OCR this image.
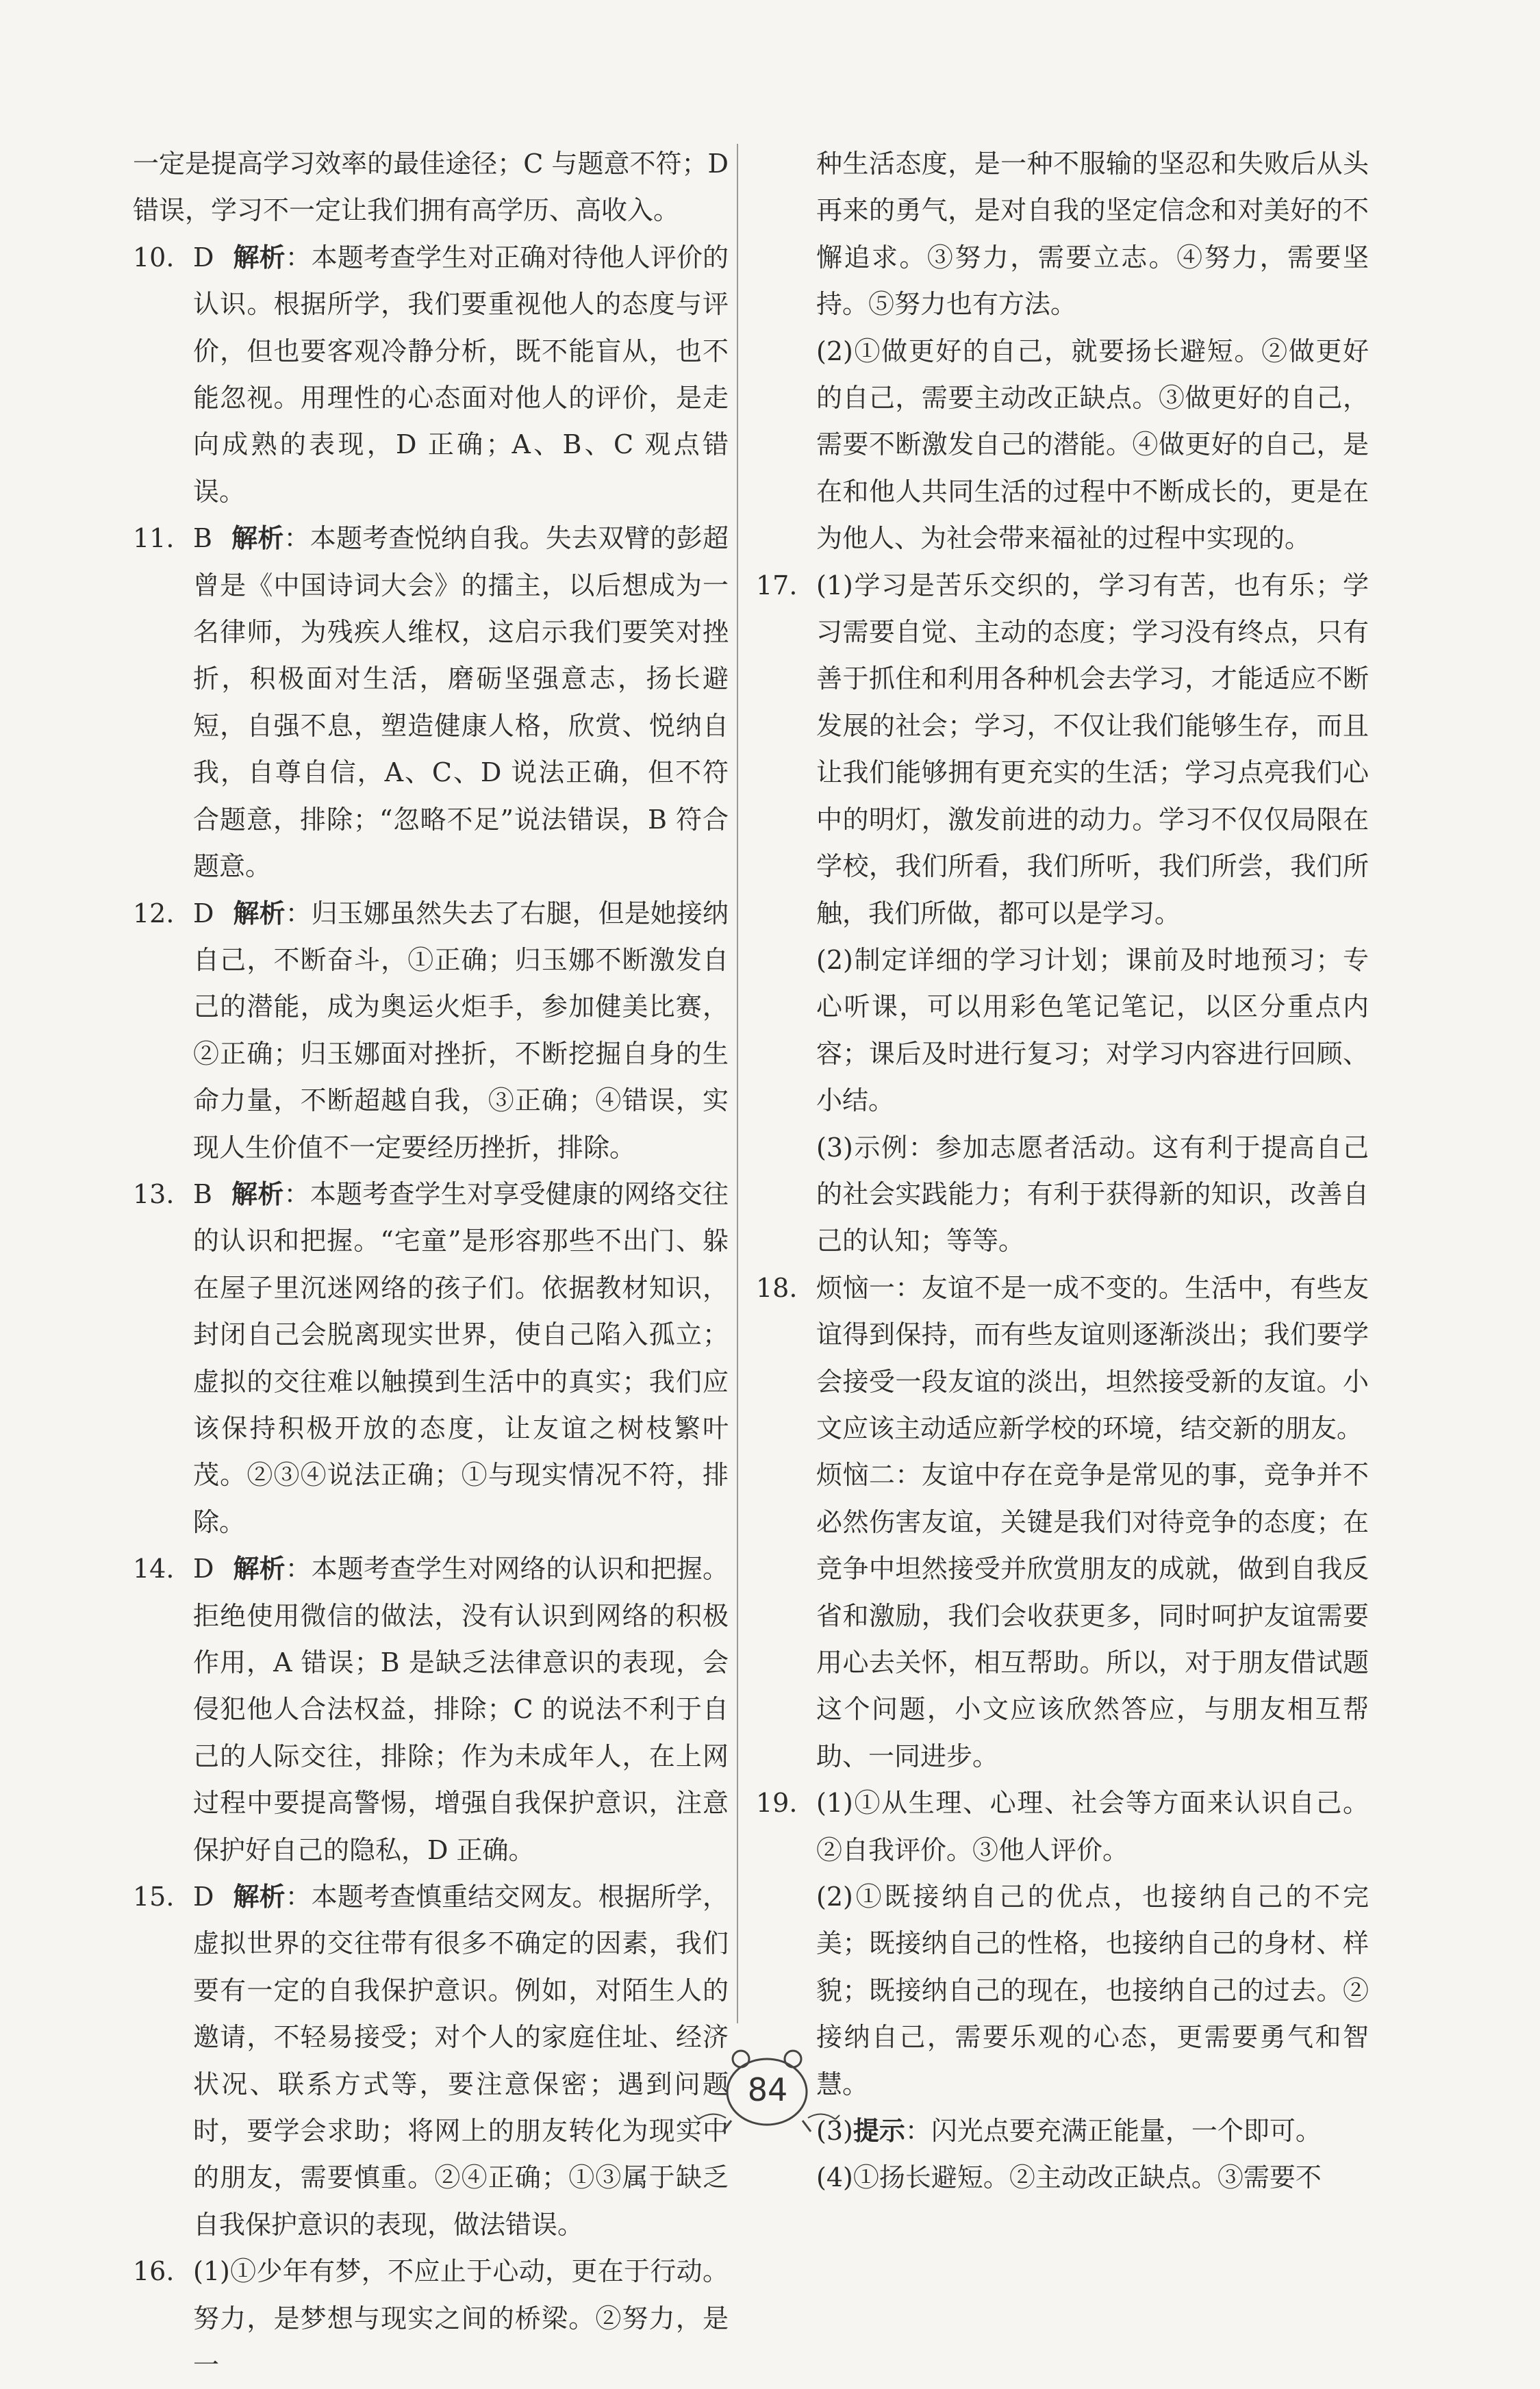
一定是提高学习效率的最佳途径；C 与题意不符；D 错误，学习不一定让我们拥有高学历、高收入。

10. D 解析：本题考查学生对正确对待他人评价的认识。根据所学，我们要重视他人的态度与评价，但也要客观冷静分析，既不能盲从，也不能忽视。用理性的心态面对他人的评价，是走向成熟的表现，D 正确；A、B、C 观点错误。
11. B 解析：本题考查悦纳自我。失去双臂的彭超曾是《中国诗词大会》的擂主，以后想成为一名律师，为残疾人维权，这启示我们要笑对挫折，积极面对生活，磨砺坚强意志，扬长避短，自强不息，塑造健康人格，欣赏、悦纳自我，自尊自信，A、C、D 说法正确，但不符合题意，排除；“忽略不足”说法错误，B 符合题意。
12. D 解析：归玉娜虽然失去了右腿，但是她接纳自己，不断奋斗，①正确；归玉娜不断激发自己的潜能，成为奥运火炬手，参加健美比赛，②正确；归玉娜面对挫折，不断挖掘自身的生命力量，不断超越自我，③正确；④错误，实现人生价值不一定要经历挫折，排除。
13. B 解析：本题考查学生对享受健康的网络交往的认识和把握。“宅童”是形容那些不出门、躲在屋子里沉迷网络的孩子们。依据教材知识，封闭自己会脱离现实世界，使自己陷入孤立；虚拟的交往难以触摸到生活中的真实；我们应该保持积极开放的态度，让友谊之树枝繁叶茂。②③④说法正确；①与现实情况不符，排除。
14. D 解析：本题考查学生对网络的认识和把握。拒绝使用微信的做法，没有认识到网络的积极作用，A 错误；B 是缺乏法律意识的表现，会侵犯他人合法权益，排除；C 的说法不利于自己的人际交往，排除；作为未成年人，在上网过程中要提高警惕，增强自我保护意识，注意保护好自己的隐私，D 正确。
15. D 解析：本题考查慎重结交网友。根据所学，虚拟世界的交往带有很多不确定的因素，我们要有一定的自我保护意识。例如，对陌生人的邀请，不轻易接受；对个人的家庭住址、经济状况、联系方式等，要注意保密；遇到问题时，要学会求助；将网上的朋友转化为现实中的朋友，需要慎重。②④正确；①③属于缺乏自我保护意识的表现，做法错误。
16. (1)①少年有梦，不应止于心动，更在于行动。努力，是梦想与现实之间的桥梁。②努力，是一

种生活态度，是一种不服输的坚忍和失败后从头再来的勇气，是对自我的坚定信念和对美好的不懈追求。③努力，需要立志。④努力，需要坚持。⑤努力也有方法。

(2)①做更好的自己，就要扬长避短。②做更好的自己，需要主动改正缺点。③做更好的自己，需要不断激发自己的潜能。④做更好的自己，是在和他人共同生活的过程中不断成长的，更是在为他人、为社会带来福祉的过程中实现的。

17. (1)学习是苦乐交织的，学习有苦，也有乐；学习需要自觉、主动的态度；学习没有终点，只有善于抓住和利用各种机会去学习，才能适应不断发展的社会；学习，不仅让我们能够生存，而且让我们能够拥有更充实的生活；学习点亮我们心中的明灯，激发前进的动力。学习不仅仅局限在学校，我们所看，我们所听，我们所尝，我们所触，我们所做，都可以是学习。

(2)制定详细的学习计划；课前及时地预习；专心听课，可以用彩色笔记笔记，以区分重点内容；课后及时进行复习；对学习内容进行回顾、小结。

(3)示例：参加志愿者活动。这有利于提高自己的社会实践能力；有利于获得新的知识，改善自己的认知；等等。

18. 烦恼一：友谊不是一成不变的。生活中，有些友谊得到保持，而有些友谊则逐渐淡出；我们要学会接受一段友谊的淡出，坦然接受新的友谊。小文应该主动适应新学校的环境，结交新的朋友。

烦恼二：友谊中存在竞争是常见的事，竞争并不必然伤害友谊，关键是我们对待竞争的态度；在竞争中坦然接受并欣赏朋友的成就，做到自我反省和激励，我们会收获更多，同时呵护友谊需要用心去关怀，相互帮助。所以，对于朋友借试题这个问题，小文应该欣然答应，与朋友相互帮助、一同进步。

19. (1)①从生理、心理、社会等方面来认识自己。②自我评价。③他人评价。

(2)①既接纳自己的优点，也接纳自己的不完美；既接纳自己的性格，也接纳自己的身材、样貌；既接纳自己的现在，也接纳自己的过去。②接纳自己，需要乐观的心态，更需要勇气和智慧。

(3)提示：闪光点要充满正能量，一个即可。

(4)①扬长避短。②主动改正缺点。③需要不

84
